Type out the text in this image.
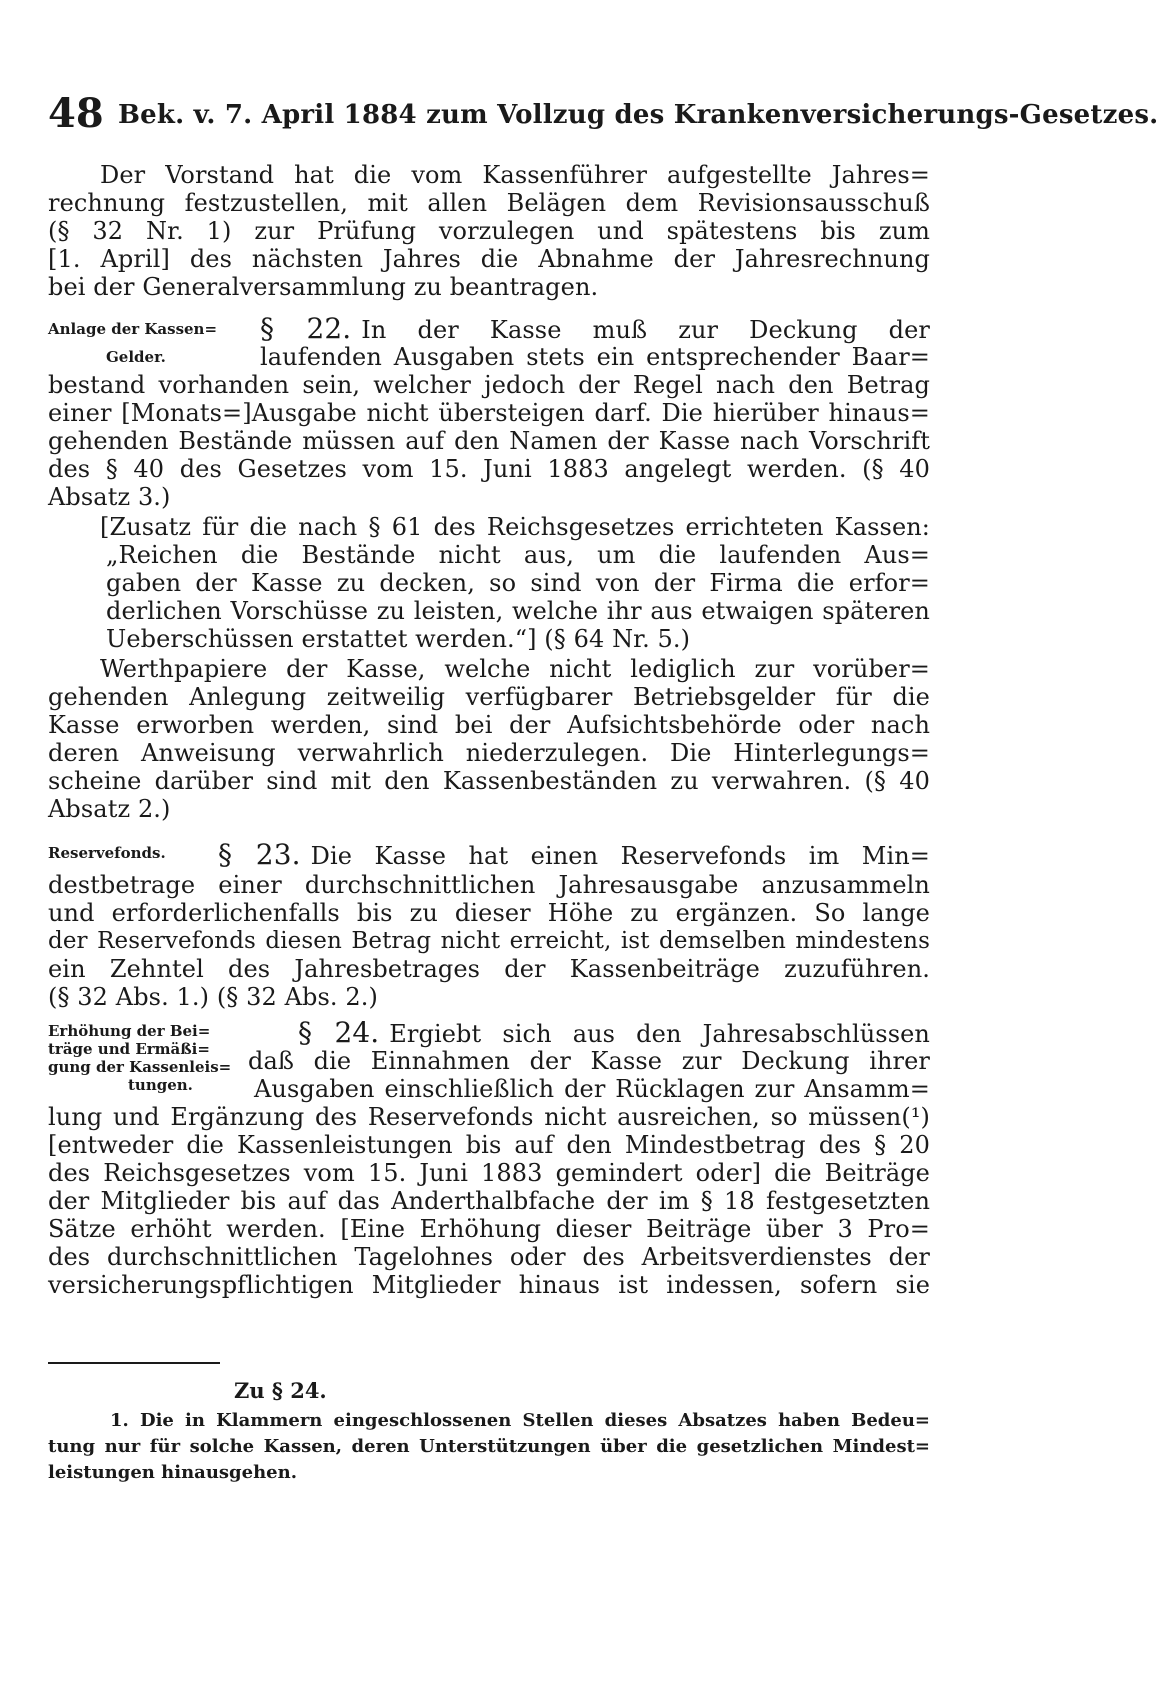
48 Bek. v. 7. April 1884 zum Vollzug des Krankenversicherungs-Gesetzes.
Der Vorstand hat die vom Kassenführer aufgestellte Jahres=
rechnung festzustellen, mit allen Belägen dem Revisionsausschuß
(§ 32 Nr. 1) zur Prüfung vorzulegen und spätestens bis zum
[1. April] des nächsten Jahres die Abnahme der Jahresrechnung
bei der Generalversammlung zu beantragen.
Anlage der Kassen=
Gelder.
§ 22. In der Kasse muß zur Deckung der
laufenden Ausgaben stets ein entsprechender Baar=
bestand vorhanden sein, welcher jedoch der Regel nach den Betrag
einer [Monats=]Ausgabe nicht übersteigen darf. Die hierüber hinaus=
gehenden Bestände müssen auf den Namen der Kasse nach Vorschrift
des § 40 des Gesetzes vom 15. Juni 1883 angelegt werden. (§ 40
Absatz 3.)
[Zusatz für die nach § 61 des Reichsgesetzes errichteten Kassen:
„Reichen die Bestände nicht aus, um die laufenden Aus=
gaben der Kasse zu decken, so sind von der Firma die erfor=
derlichen Vorschüsse zu leisten, welche ihr aus etwaigen späteren
Ueberschüssen erstattet werden.“] (§ 64 Nr. 5.)
Werthpapiere der Kasse, welche nicht lediglich zur vorüber=
gehenden Anlegung zeitweilig verfügbarer Betriebsgelder für die
Kasse erworben werden, sind bei der Aufsichtsbehörde oder nach
deren Anweisung verwahrlich niederzulegen. Die Hinterlegungs=
scheine darüber sind mit den Kassenbeständen zu verwahren. (§ 40
Absatz 2.)
Reservefonds.	§ 23. Die Kasse hat einen Reservefonds im Min=
destbetrage einer durchschnittlichen Jahresausgabe anzusammeln
und erforderlichenfalls bis zu dieser Höhe zu ergänzen. So lange
der Reservefonds diesen Betrag nicht erreicht, ist demselben mindestens
ein Zehntel des Jahresbetrages der Kassenbeiträge zuzuführen.
(§ 32 Abs. 1.) (§ 32 Abs. 2.)
Erhöhung der Bei=
träge und Ermäßi=
gung der Kassenleis=
tungen.
§ 24. Ergiebt sich aus den Jahresabschlüssen
daß die Einnahmen der Kasse zur Deckung ihrer
Ausgaben einschließlich der Rücklagen zur Ansamm=
lung und Ergänzung des Reservefonds nicht ausreichen, so müssen(¹)
[entweder die Kassenleistungen bis auf den Mindestbetrag des § 20
des Reichsgesetzes vom 15. Juni 1883 gemindert oder] die Beiträge
der Mitglieder bis auf das Anderthalbfache der im § 18 festgesetzten
Sätze erhöht werden. [Eine Erhöhung dieser Beiträge über 3 Pro=
des durchschnittlichen Tagelohnes oder des Arbeitsverdienstes der
versicherungspflichtigen Mitglieder hinaus ist indessen, sofern sie
Zu § 24.
1. Die in Klammern eingeschlossenen Stellen dieses Absatzes haben Bedeu=
tung nur für solche Kassen, deren Unterstützungen über die gesetzlichen Mindest=
leistungen hinausgehen.
